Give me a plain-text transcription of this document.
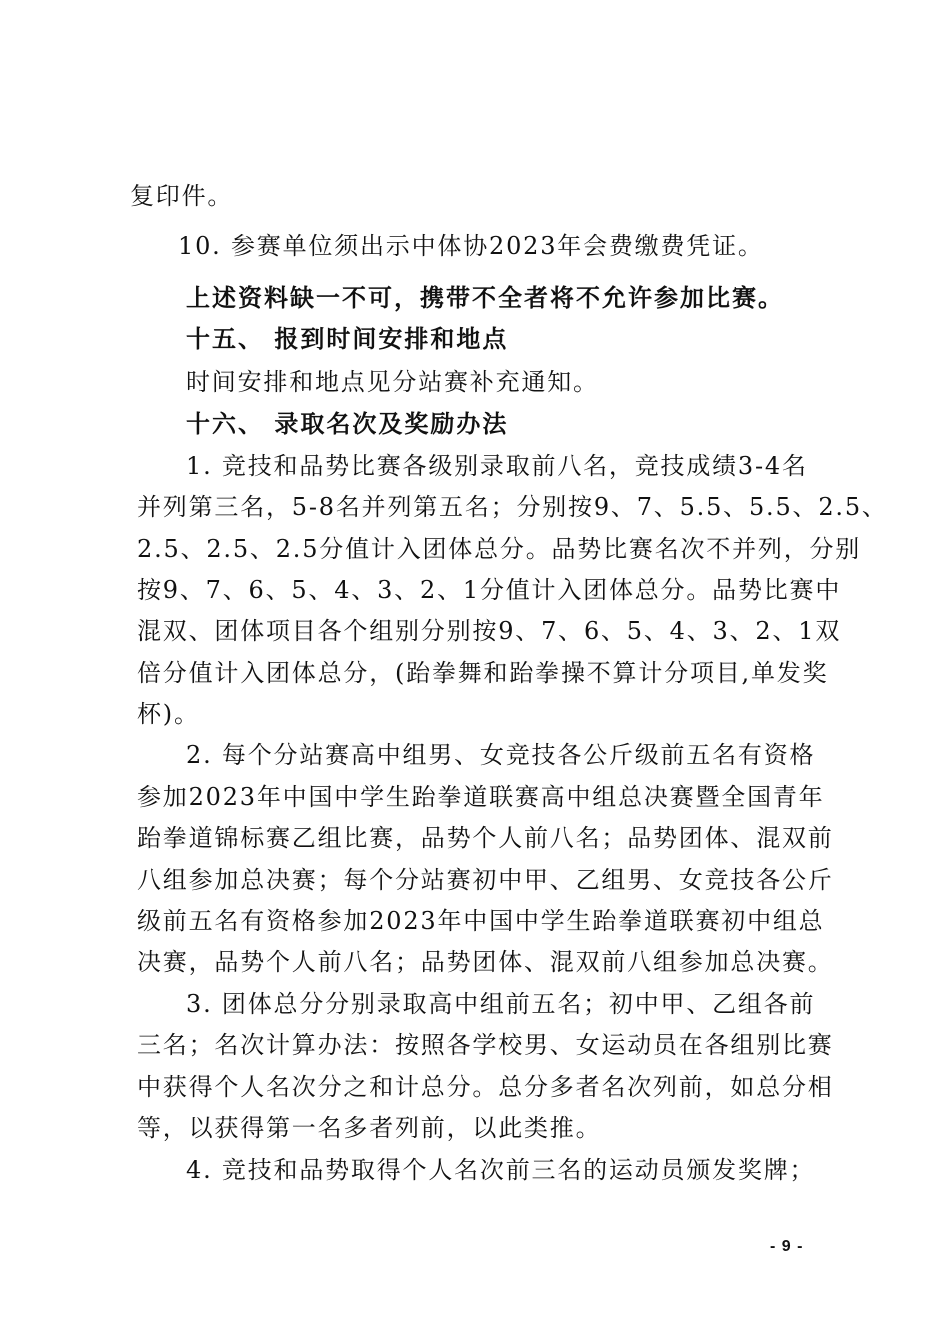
复印件。

10. 参赛单位须出示中体协2023年会费缴费凭证。

上述资料缺一不可，携带不全者将不允许参加比赛。

十五、 报到时间安排和地点

时间安排和地点见分站赛补充通知。

十六、 录取名次及奖励办法

1. 竞技和品势比赛各级别录取前八名，竞技成绩3-4名

并列第三名，5-8名并列第五名；分别按9、7、5.5、5.5、2.5、

2.5、2.5、2.5分值计入团体总分。品势比赛名次不并列，分别

按9、7、6、5、4、3、2、1分值计入团体总分。品势比赛中

混双、团体项目各个组别分别按9、7、6、5、4、3、2、1双

倍分值计入团体总分，(跆拳舞和跆拳操不算计分项目,单发奖

杯)。

2. 每个分站赛高中组男、女竞技各公斤级前五名有资格

参加2023年中国中学生跆拳道联赛高中组总决赛暨全国青年

跆拳道锦标赛乙组比赛，品势个人前八名；品势团体、混双前

八组参加总决赛；每个分站赛初中甲、乙组男、女竞技各公斤

级前五名有资格参加2023年中国中学生跆拳道联赛初中组总

决赛，品势个人前八名；品势团体、混双前八组参加总决赛。

3. 团体总分分别录取高中组前五名；初中甲、乙组各前

三名；名次计算办法：按照各学校男、女运动员在各组别比赛

中获得个人名次分之和计总分。总分多者名次列前，如总分相

等，以获得第一名多者列前，以此类推。

4. 竞技和品势取得个人名次前三名的运动员颁发奖牌；

- 9 -
